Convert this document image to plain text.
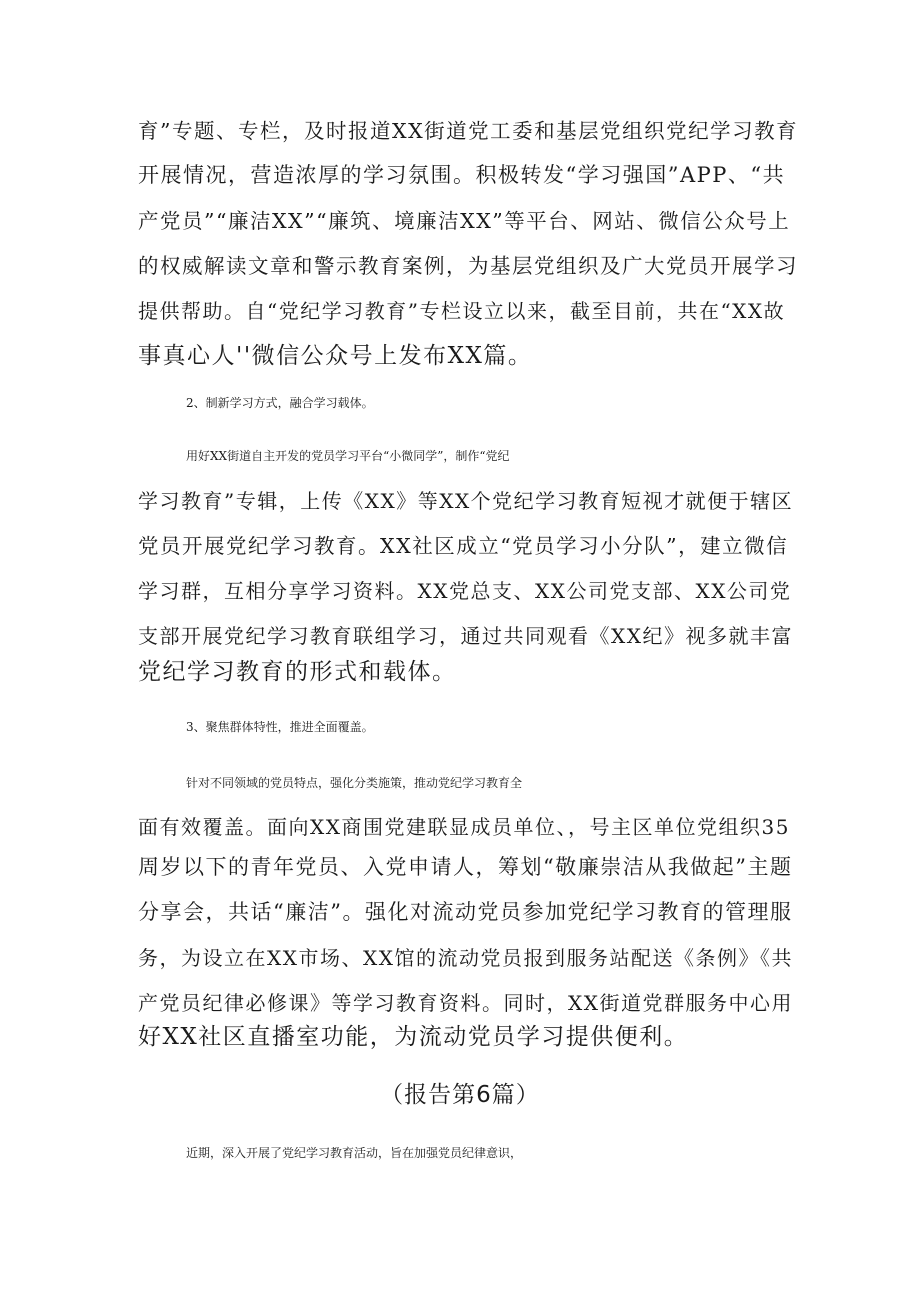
育”专题、专栏，及时报道XX街道党工委和基层党组织党纪学习教育
开展情况，营造浓厚的学习氛围。积极转发“学习强国”APP、“共
产党员”“廉洁XX”“廉筑、境廉洁XX”等平台、网站、微信公众号上
的权威解读文章和警示教育案例，为基层党组织及广大党员开展学习
提供帮助。自“党纪学习教育”专栏设立以来，截至目前，共在“XX故
事真心人''微信公众号上发布XX篇。
2、制新学习方式，融合学习载体。
用好XX街道自主开发的党员学习平台“小微同学”，制作“党纪
学习教育”专辑，上传《XX》等XX个党纪学习教育短视才就便于辖区
党员开展党纪学习教育。XX社区成立“党员学习小分队”，建立微信
学习群，互相分享学习资料。XX党总支、XX公司党支部、XX公司党
支部开展党纪学习教育联组学习，通过共同观看《XX纪》视多就丰富
党纪学习教育的形式和载体。
3、聚焦群体特性，推进全面覆盖。
针对不同领域的党员特点，强化分类施策，推动党纪学习教育全
面有效覆盖。面向XX商围党建联显成员单位、，号主区单位党组织35
周岁以下的青年党员、入党申请人，筹划“敬廉崇洁从我做起”主题
分享会，共话“廉洁”。强化对流动党员参加党纪学习教育的管理服
务，为设立在XX市场、XX馆的流动党员报到服务站配送《条例》《共
产党员纪律必修课》等学习教育资料。同时，XX街道党群服务中心用
好XX社区直播室功能，为流动党员学习提供便利。
（报告第6篇）
近期，深入开展了党纪学习教育活动，旨在加强党员纪律意识，
